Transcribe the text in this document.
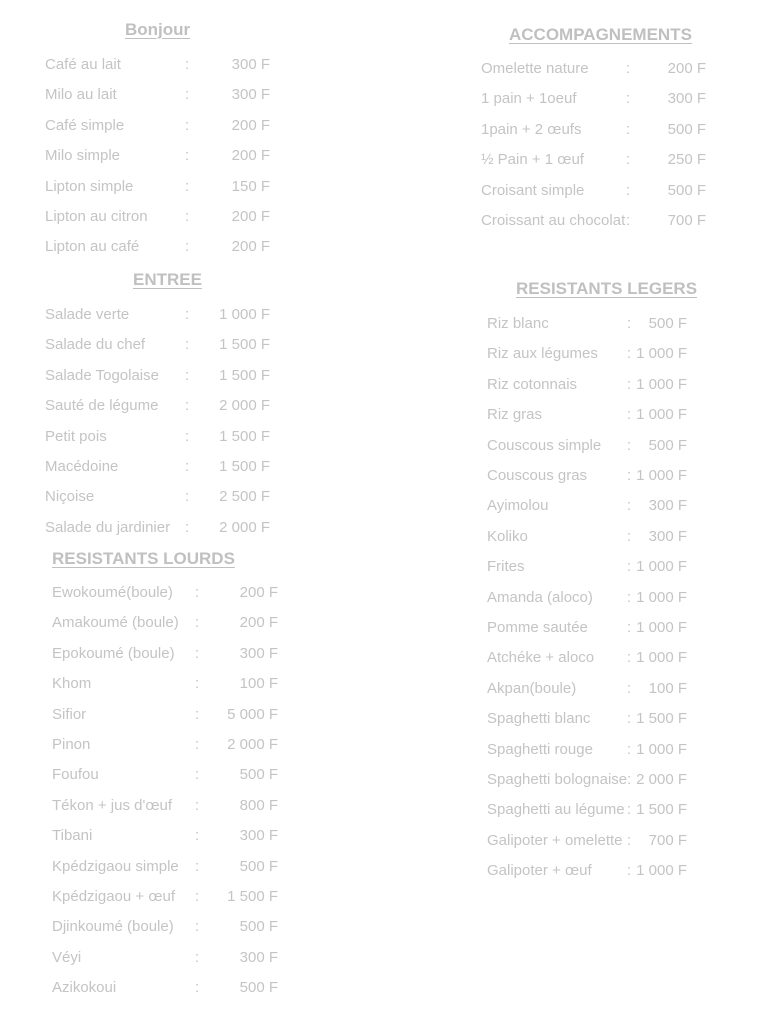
Bonjour
Café au lait	:	300 F
Milo au lait	:	300 F
Café simple	:	200 F
Milo simple	:	200 F
Lipton simple	:	150 F
Lipton au citron :	200 F
Lipton au café	:	200 F
ENTREE
Salade verte	: 1 000 F
Salade du chef	: 1 500 F
Salade Togolaise : 1 500 F
Sauté de légume : 2 000 F
Petit pois	: 1 500 F
Macédoine	: 1 500 F
Niçoise	: 2 500 F
Salade du jardinier : 2 000 F
RESISTANTS LOURDS
Ewokoumé(boule) :	200 F
Amakoumé (boule) :	200 F
Epokoumé (boule) :	300 F
Khom	:	100 F
Sifior	: 5 000 F
Pinon	: 2 000 F
Foufou	:	500 F
Tékon + jus d'œuf :	800 F
Tibani	:	300 F
Kpédzigaou simple :	500 F
Kpédzigaou + œuf : 1 500 F
Djinkoumé (boule) :	500 F
Véyi	:	300 F
Azikokoui	:	500 F
ACCOMPAGNEMENTS
Omelette nature : 200 F
1 pain + 1oeuf	: 300 F
1pain + 2 œufs	: 500 F
½ Pain + 1 œuf	: 250 F
Croisant simple	: 500 F
Croissant au chocolat : 700 F
RESISTANTS LEGERS
Riz blanc	: 500 F
Riz aux légumes : 1 000 F
Riz cotonnais	: 1 000 F
Riz gras	: 1 000 F
Couscous simple : 500 F
Couscous gras	: 1 000 F
Ayimolou	: 300 F
Koliko	: 300 F
Frites	: 1 000 F
Amanda (aloco) : 1 000 F
Pomme sautée	: 1 000 F
Atchéke + aloco : 1 000 F
Akpan(boule)	: 100 F
Spaghetti blanc : 1 500 F
Spaghetti rouge : 1 000 F
Spaghetti bolognaise : 2 000 F
Spaghetti au légume : 1 500 F
Galipoter + omelette : 700 F
Galipoter + œuf : 1 000 F
